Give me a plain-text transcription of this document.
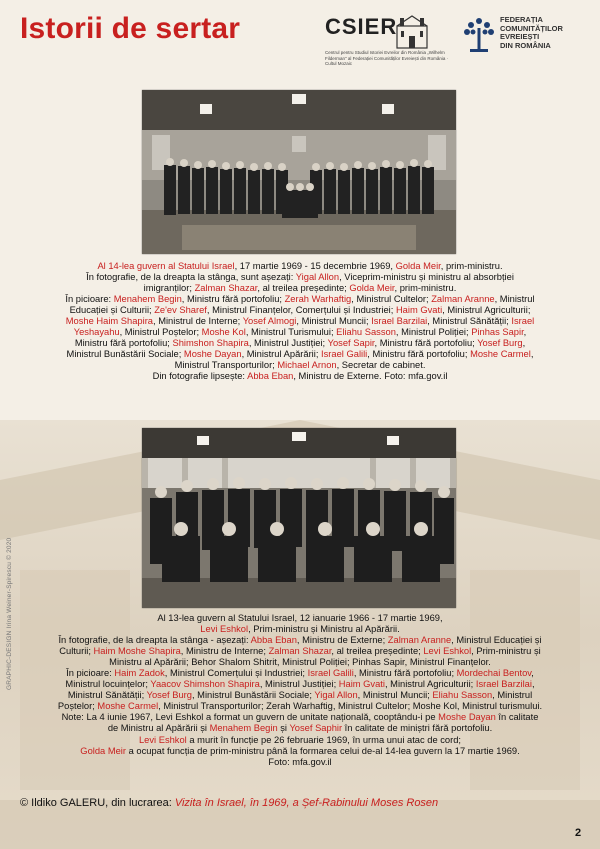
Istorii de sertar	CSIER
Centrul pentru Studiul Istoriei Evreilor din România „Wilhelm Filderman" al Federației Comunităților Evreiești din România · Cultul Mozaic
FEDERAȚIA
COMUNITĂȚILOR
EVREIEȘTI
DIN ROMÂNIA
Al 14-lea guvern al Statului Israel, 17 martie 1969 - 15 decembrie 1969, Golda Meir, prim-ministru.
În fotografie, de la dreapta la stânga, sunt așezați: Yigal Allon, Viceprim-ministru și ministru al absorbției
imigranților; Zalman Shazar, al treilea președinte; Golda Meir, prim-ministru.
În picioare: Menahem Begin, Ministru fără portofoliu; Zerah Warhaftig, Ministrul Cultelor; Zalman Aranne, Ministrul
Educației și Culturii; Ze'ev Sharef, Ministrul Finanțelor, Comerțului și Industriei; Haim Gvati, Ministrul Agriculturii;
Moshe Haim Shapira, Ministrul de Interne; Yosef Almogi, Ministrul Muncii; Israel Barzilai, Ministrul Sănătății; Israel
Yeshayahu, Ministrul Poștelor; Moshe Kol, Ministrul Turismului; Eliahu Sasson, Ministrul Poliției; Pinhas Sapir,
Ministru fără portofoliu; Shimshon Shapira, Ministrul Justiției; Yosef Sapir, Ministru fără portofoliu; Yosef Burg,
Ministrul Bunăstării Sociale; Moshe Dayan, Ministrul Apărării; Israel Galili, Ministru fără portofoliu; Moshe Carmel,
Ministrul Transporturilor; Michael Arnon, Secretar de cabinet.
Din fotografie lipsește: Abba Eban, Ministru de Externe. Foto: mfa.gov.il
Al 13-lea guvern al Statului Israel, 12 ianuarie 1966 - 17 martie 1969,
Levi Eshkol, Prim-ministru și Ministru al Apărării.
În fotografie, de la dreapta la stânga - așezați: Abba Eban, Ministru de Externe; Zalman Aranne, Ministrul Educației și
Culturii; Haim Moshe Shapira, Ministru de Interne; Zalman Shazar, al treilea președinte; Levi Eshkol, Prim-ministru și
Ministru al Apărării; Behor Shalom Shitrit, Ministrul Poliției; Pinhas Sapir, Ministrul Finanțelor.
În picioare: Haim Zadok, Ministrul Comerțului și Industriei; Israel Galili, Ministru fără portofoliu; Mordechai Bentov,
Ministrul locuințelor; Yaacov Shimshon Shapira, Ministrul Justiției; Haim Gvati, Ministrul Agriculturii; Israel Barzilai,
Ministrul Sănătății; Yosef Burg, Ministrul Bunăstării Sociale; Yigal Allon, Ministrul Muncii; Eliahu Sasson, Ministrul
Poștelor; Moshe Carmel, Ministrul Transporturilor; Zerah Warhaftig, Ministrul Cultelor; Moshe Kol, Ministrul turismului.
Note: La 4 iunie 1967, Levi Eshkol a format un guvern de unitate națională, cooptându-i pe Moshe Dayan în calitate
de Ministru al Apărării și Menahem Begin și Yosef Saphir în calitate de miniștri fără portofoliu.
Levi Eshkol a murit în funcție pe 26 februarie 1969, în urma unui atac de cord;
Golda Meir a ocupat funcția de prim-ministru până la formarea celui de-al 14-lea guvern la 17 martie 1969.
Foto: mfa.gov.il
© Ildiko GALERU, din lucrarea: Vizita în Israel, în 1969, a Șef-Rabinului Moses Rosen
GRAPHIC-DESIGN Irina Weiner-Spirescu © 2020
2
